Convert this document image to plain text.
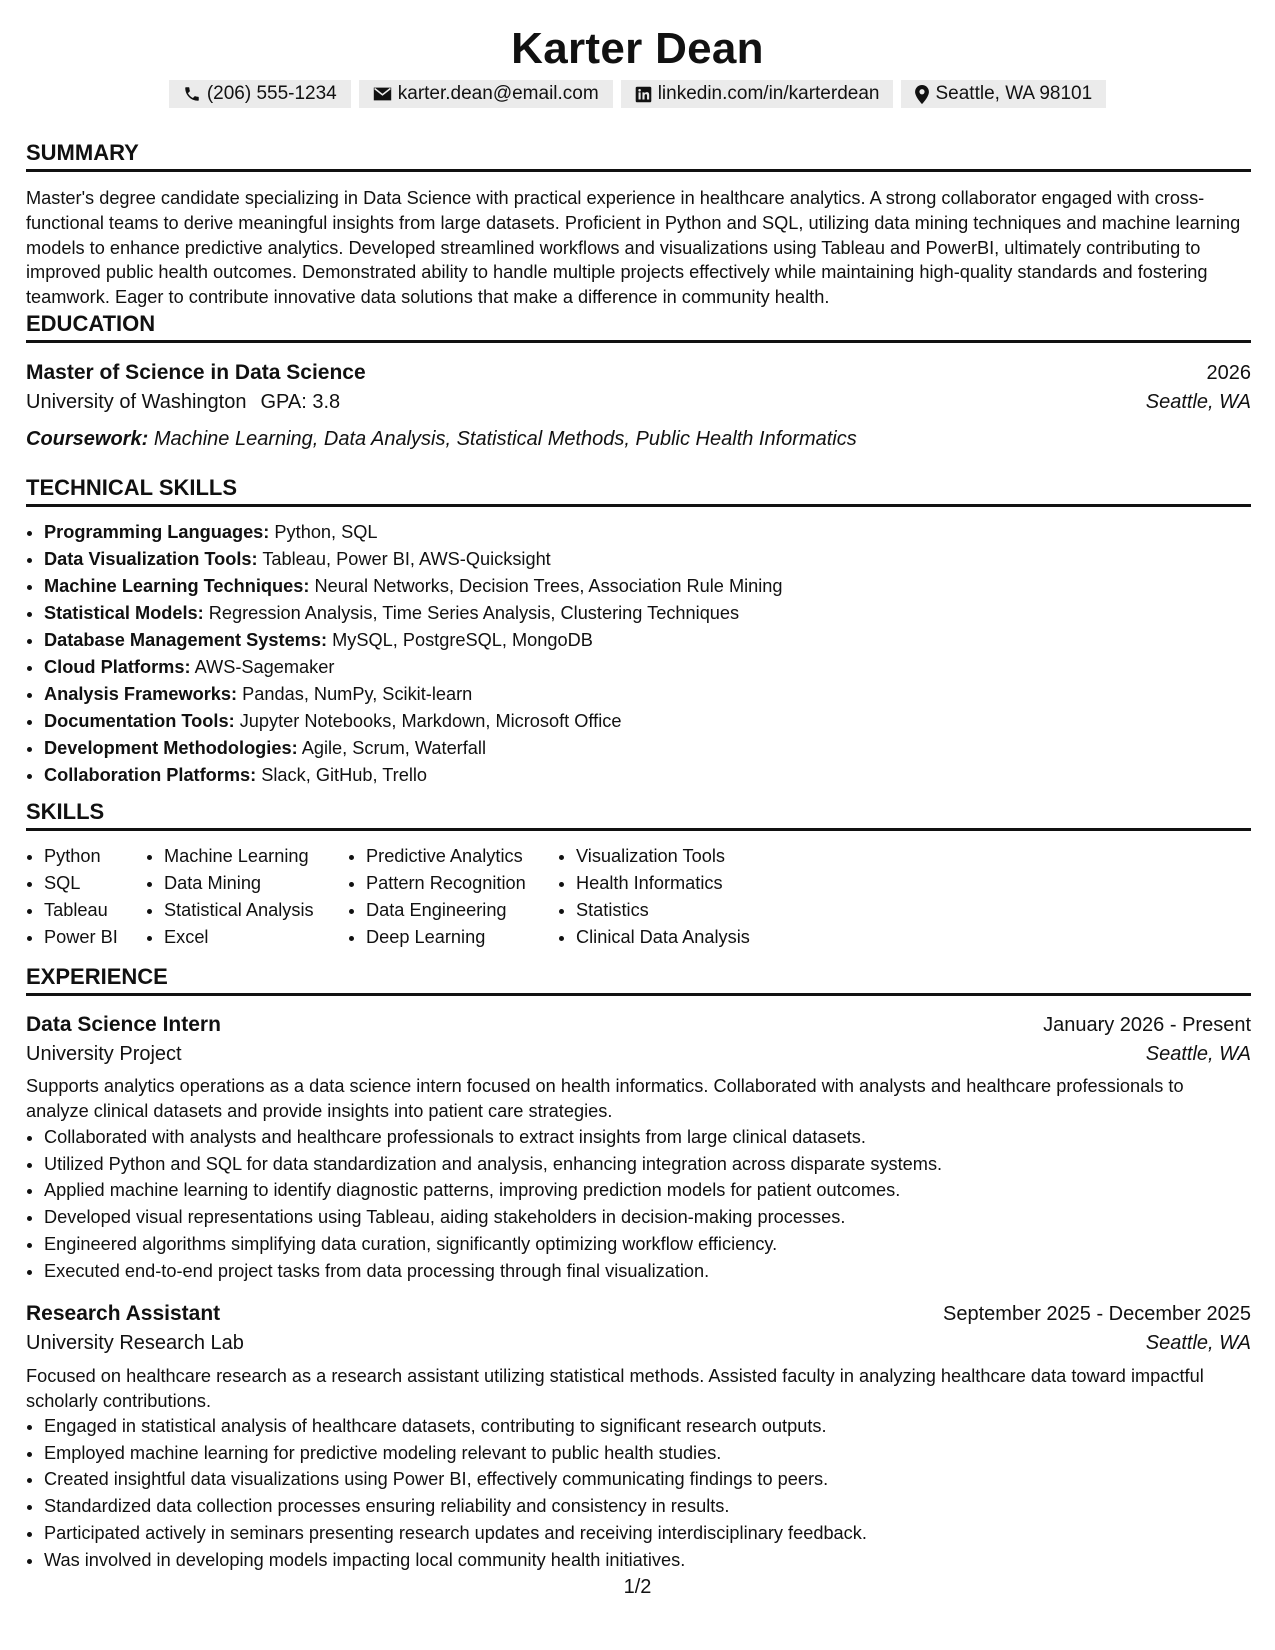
Karter Dean
(206) 555-1234	karter.dean@email.com	linkedin.com/in/karterdean	Seattle, WA 98101
SUMMARY
Master's degree candidate specializing in Data Science with practical experience in healthcare analytics. A strong collaborator engaged with cross-functional teams to derive meaningful insights from large datasets. Proficient in Python and SQL, utilizing data mining techniques and machine learning models to enhance predictive analytics. Developed streamlined workflows and visualizations using Tableau and PowerBI, ultimately contributing to improved public health outcomes. Demonstrated ability to handle multiple projects effectively while maintaining high-quality standards and fostering teamwork. Eager to contribute innovative data solutions that make a difference in community health.
EDUCATION
Master of Science in Data Science	2026
University of Washington GPA: 3.8	Seattle, WA
Coursework: Machine Learning, Data Analysis, Statistical Methods, Public Health Informatics
TECHNICAL SKILLS
• Programming Languages: Python, SQL
• Data Visualization Tools: Tableau, Power BI, AWS-Quicksight
• Machine Learning Techniques: Neural Networks, Decision Trees, Association Rule Mining
• Statistical Models: Regression Analysis, Time Series Analysis, Clustering Techniques
• Database Management Systems: MySQL, PostgreSQL, MongoDB
• Cloud Platforms: AWS-Sagemaker
• Analysis Frameworks: Pandas, NumPy, Scikit-learn
• Documentation Tools: Jupyter Notebooks, Markdown, Microsoft Office
• Development Methodologies: Agile, Scrum, Waterfall
• Collaboration Platforms: Slack, GitHub, Trello
SKILLS
• Python
• SQL
• Tableau
• Power BI
• Machine Learning
• Data Mining
• Statistical Analysis
• Excel
• Predictive Analytics
• Pattern Recognition
• Data Engineering
• Deep Learning
• Visualization Tools
• Health Informatics
• Statistics
• Clinical Data Analysis
EXPERIENCE
Data Science Intern	January 2026 - Present
University Project	Seattle, WA
Supports analytics operations as a data science intern focused on health informatics. Collaborated with analysts and healthcare professionals to analyze clinical datasets and provide insights into patient care strategies.
• Collaborated with analysts and healthcare professionals to extract insights from large clinical datasets.
• Utilized Python and SQL for data standardization and analysis, enhancing integration across disparate systems.
• Applied machine learning to identify diagnostic patterns, improving prediction models for patient outcomes.
• Developed visual representations using Tableau, aiding stakeholders in decision-making processes.
• Engineered algorithms simplifying data curation, significantly optimizing workflow efficiency.
• Executed end-to-end project tasks from data processing through final visualization.
Research Assistant	September 2025 - December 2025
University Research Lab	Seattle, WA
Focused on healthcare research as a research assistant utilizing statistical methods. Assisted faculty in analyzing healthcare data toward impactful scholarly contributions.
• Engaged in statistical analysis of healthcare datasets, contributing to significant research outputs.
• Employed machine learning for predictive modeling relevant to public health studies.
• Created insightful data visualizations using Power BI, effectively communicating findings to peers.
• Standardized data collection processes ensuring reliability and consistency in results.
• Participated actively in seminars presenting research updates and receiving interdisciplinary feedback.
• Was involved in developing models impacting local community health initiatives.
1/2
